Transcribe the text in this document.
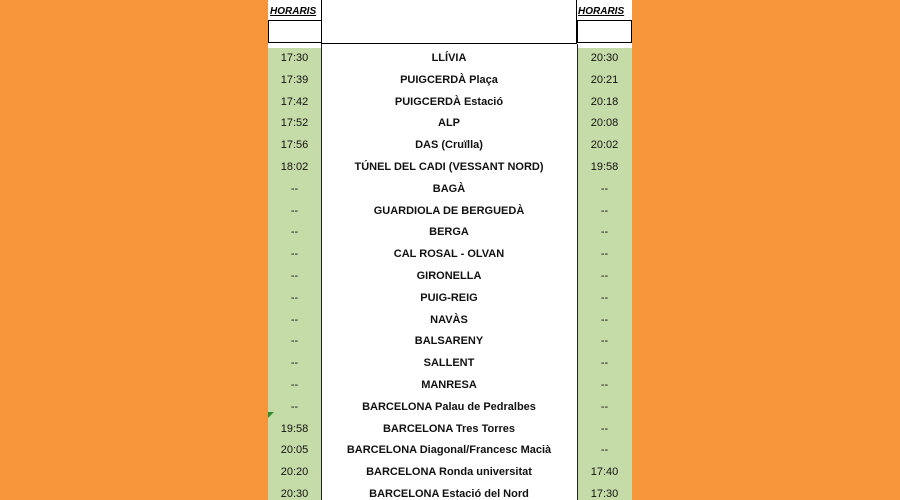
HORARIS	HORARIS
17:30	LLÍVIA	20:30
17:39	PUIGCERDÀ Plaça	20:21
17:42	PUIGCERDÀ Estació	20:18
17:52	ALP	20:08
17:56	DAS (Cruïlla)	20:02
18:02	TÚNEL DEL CADI (VESSANT NORD)	19:58
--	BAGÀ	--
--	GUARDIOLA DE BERGUEDÀ	--
--	BERGA	--
--	CAL ROSAL - OLVAN	--
--	GIRONELLA	--
--	PUIG-REIG	--
--	NAVÀS	--
--	BALSARENY	--
--	SALLENT	--
--	MANRESA	--
--	BARCELONA Palau de Pedralbes	--
19:58	BARCELONA Tres Torres	--
20:05	BARCELONA Diagonal/Francesc Macià	--
20:20	BARCELONA Ronda universitat	17:40
20:30	BARCELONA Estació del Nord	17:30
